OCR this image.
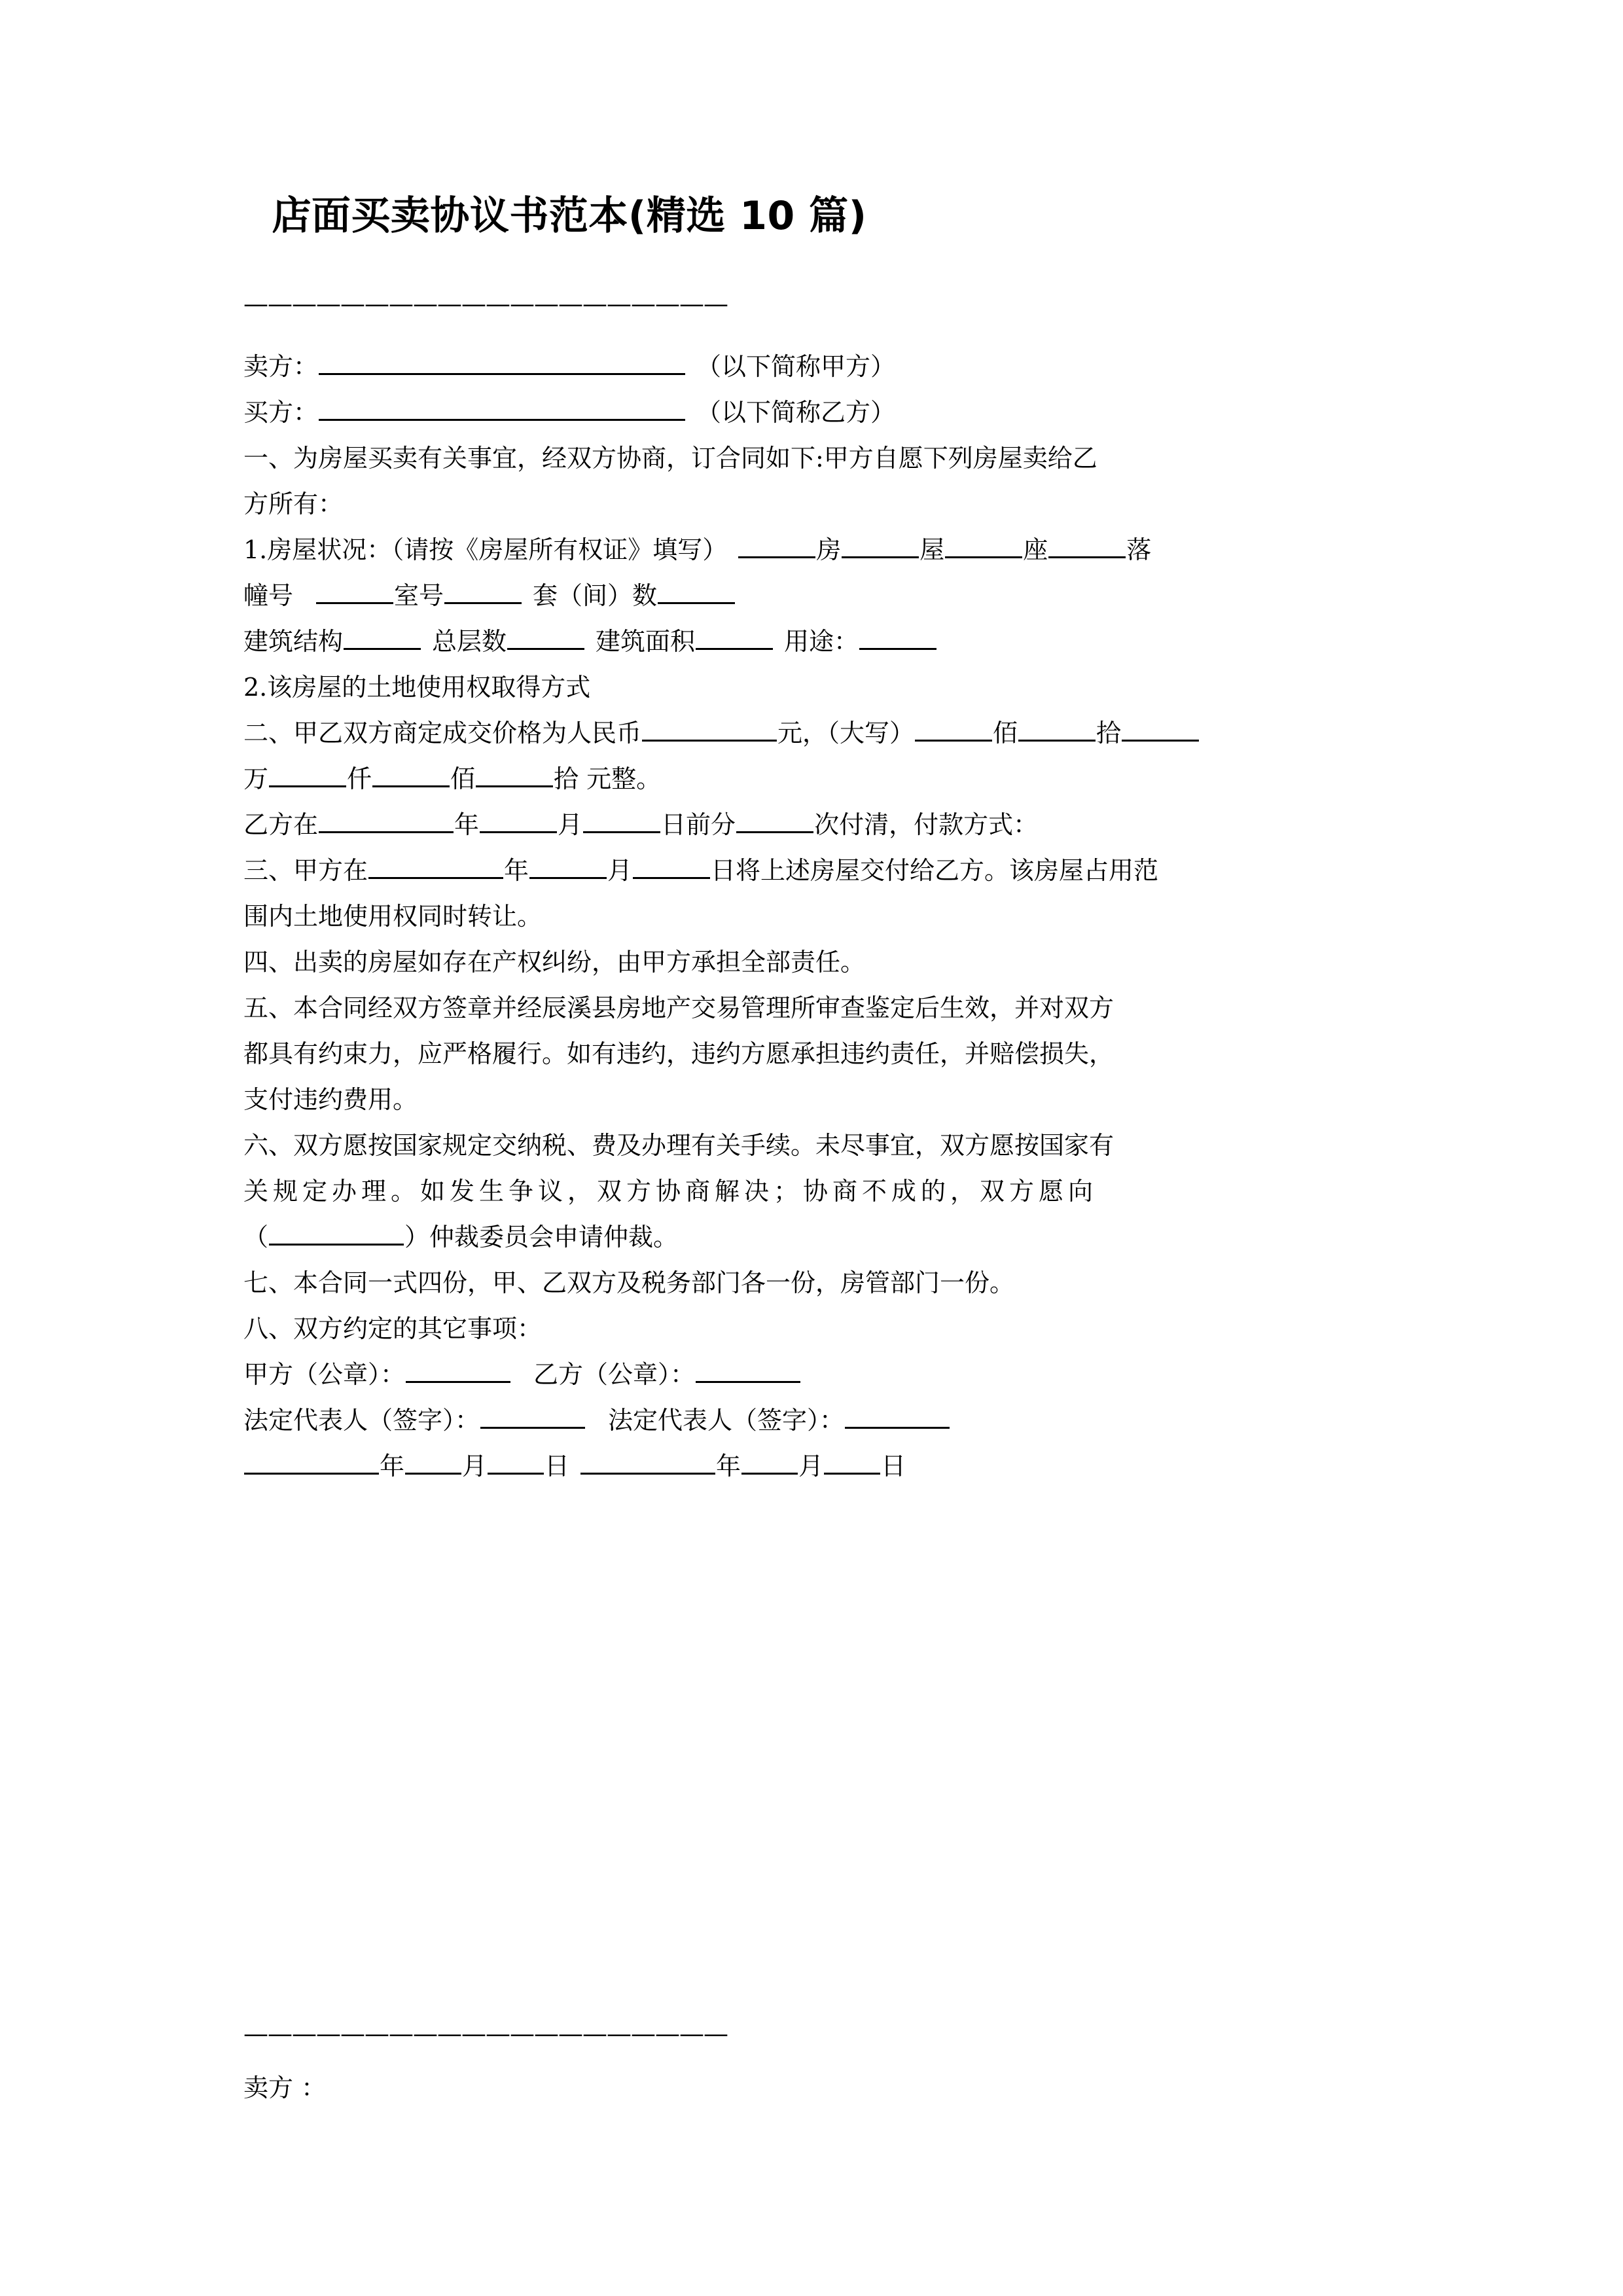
店面买卖协议书范本(精选 10 篇)
————————————————————
卖方：	（以下简称甲方）
买方：	（以下简称乙方）
一、为房屋买卖有关事宜，经双方协商，订合同如下:甲方自愿下列房屋卖给乙
方所有：
1.房屋状况：（请按《房屋所有权证》填写）	房	屋	座	落
幢号	室号	套（间）数
建筑结构	总层数	建筑面积	用途：
2.该房屋的土地使用权取得方式
二、甲乙双方商定成交价格为人民币	元，（大写）	佰	拾
万	仟	佰	拾 元整。
乙方在	年	月	日前分	次付清，付款方式：
三、甲方在	年	月	日将上述房屋交付给乙方。该房屋占用范
围内土地使用权同时转让。
四、出卖的房屋如存在产权纠纷，由甲方承担全部责任。
五、本合同经双方签章并经辰溪县房地产交易管理所审查鉴定后生效，并对双方
都具有约束力，应严格履行。如有违约，违约方愿承担违约责任，并赔偿损失，
支付违约费用。
六、双方愿按国家规定交纳税、费及办理有关手续。未尽事宜，双方愿按国家有
关规定办理。如发生争议，双方协商解决；协商不成的，双方愿向
（	）仲裁委员会申请仲裁。
七、本合同一式四份，甲、乙双方及税务部门各一份，房管部门一份。
八、双方约定的其它事项：
甲方（公章）：	乙方（公章）：
法定代表人（签字）：	法定代表人（签字）：
年 月 日	年 月 日
————————————————————
卖方 ：
